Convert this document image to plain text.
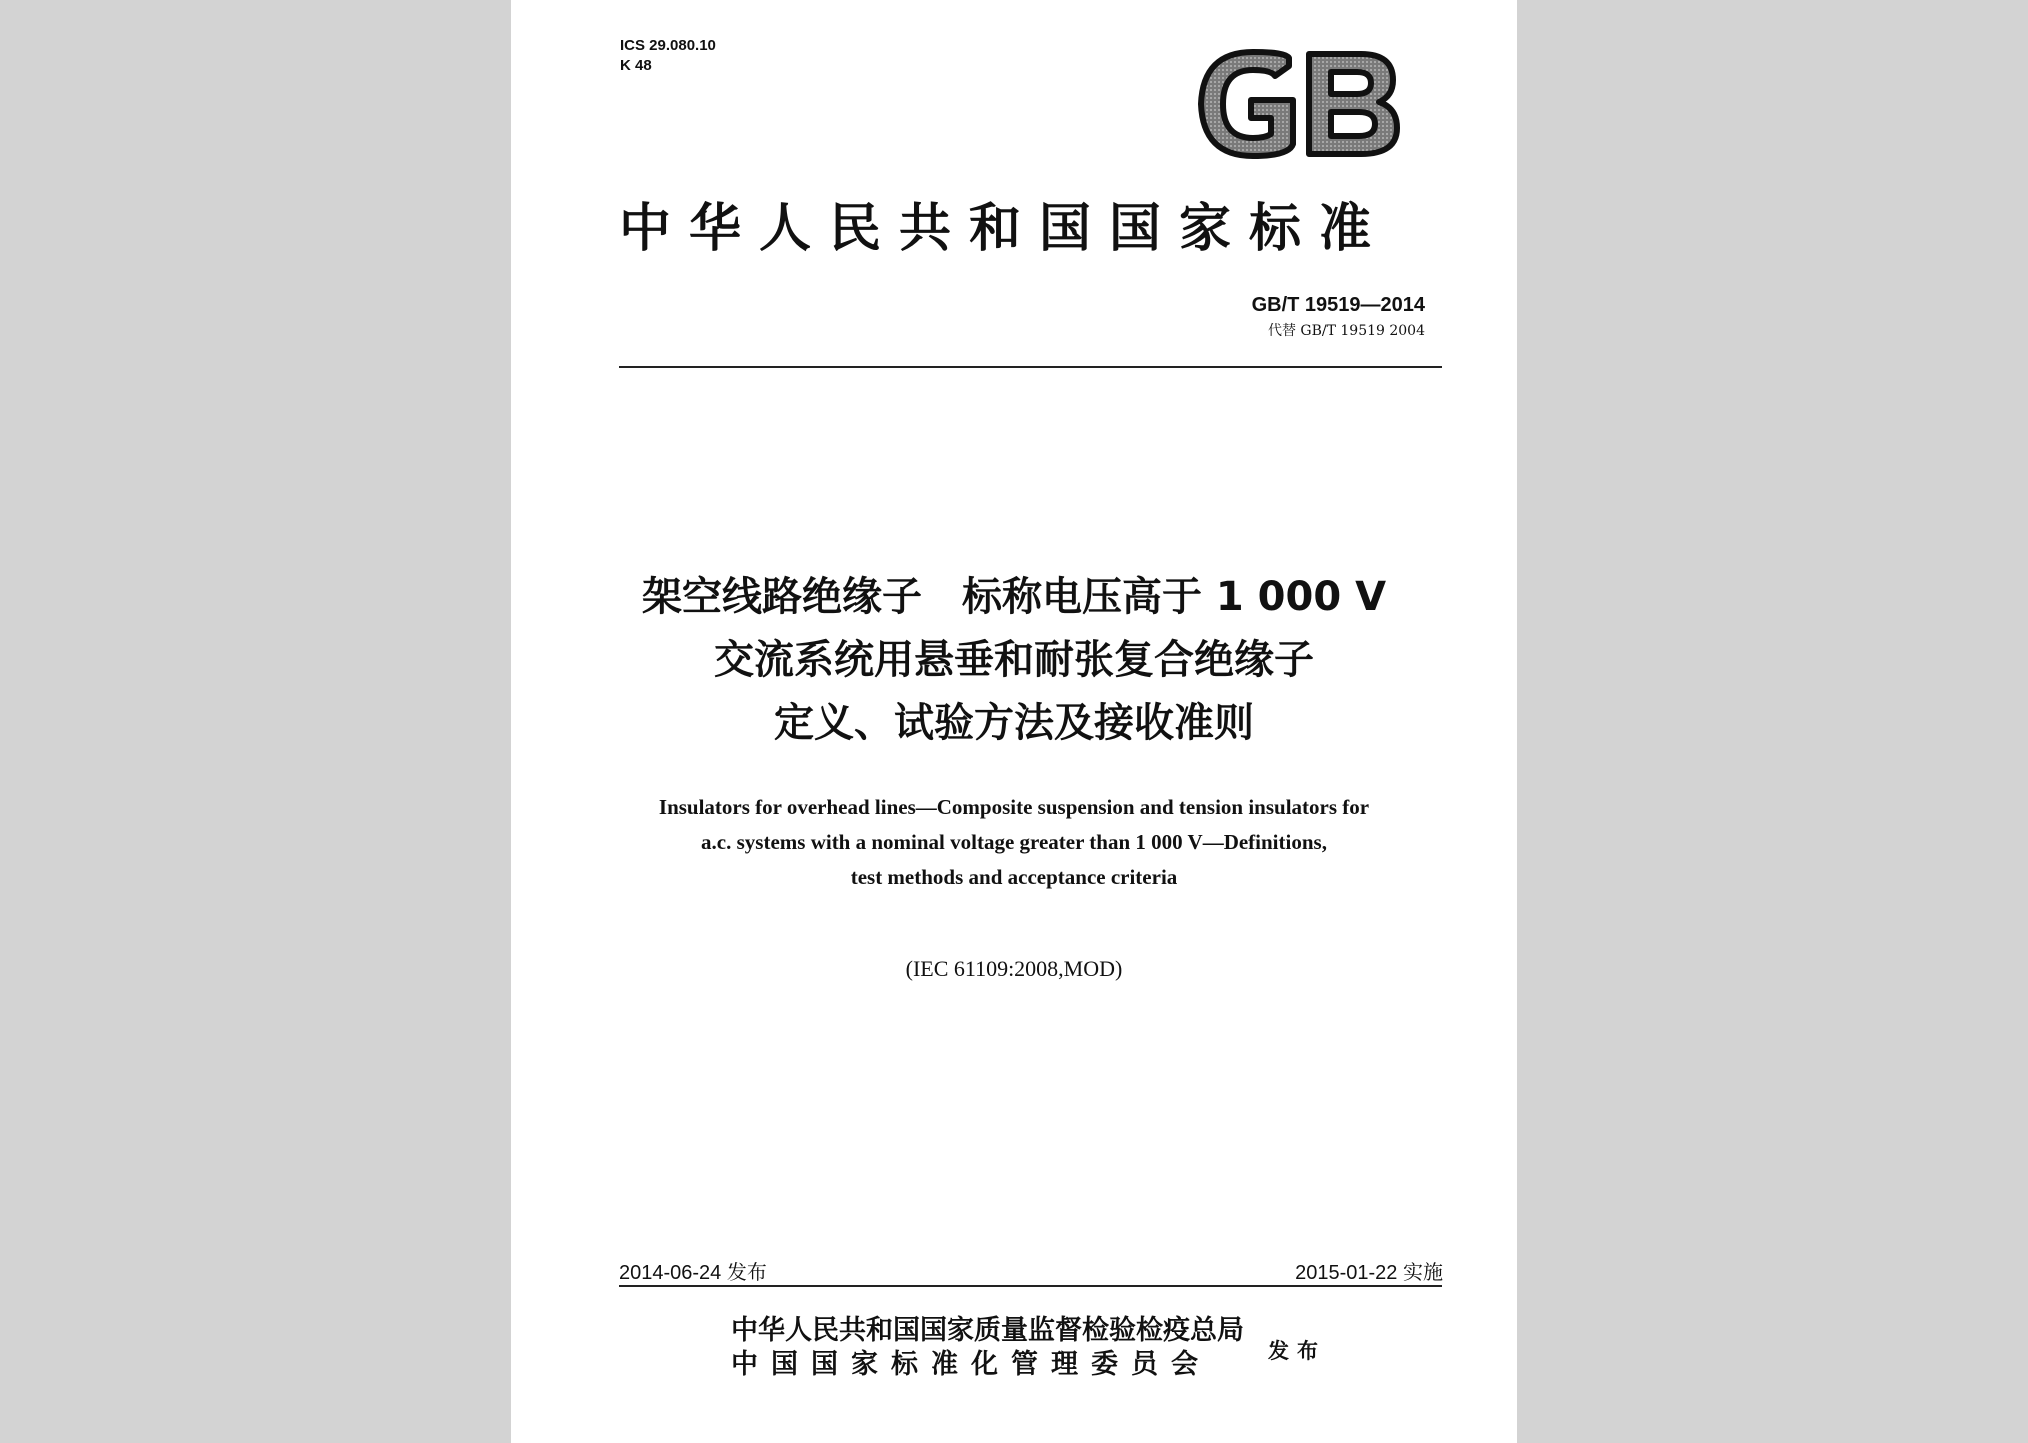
ICS 29.080.10
K 48
中华人民共和国国家标准
GB/T 19519—2014
代替 GB/T 19519 2004
架空线路绝缘子　标称电压高于 1 000 V
交流系统用悬垂和耐张复合绝缘子
定义、试验方法及接收准则
Insulators for overhead lines—Composite suspension and tension insulators for
a.c. systems with a nominal voltage greater than 1 000 V—Definitions,
test methods and acceptance criteria
(IEC 61109:2008,MOD)
2014-06-24 发布	2015-01-22 实施
中华人民共和国国家质量监督检验检疫总局
中国国家标准化管理委员会	发布
